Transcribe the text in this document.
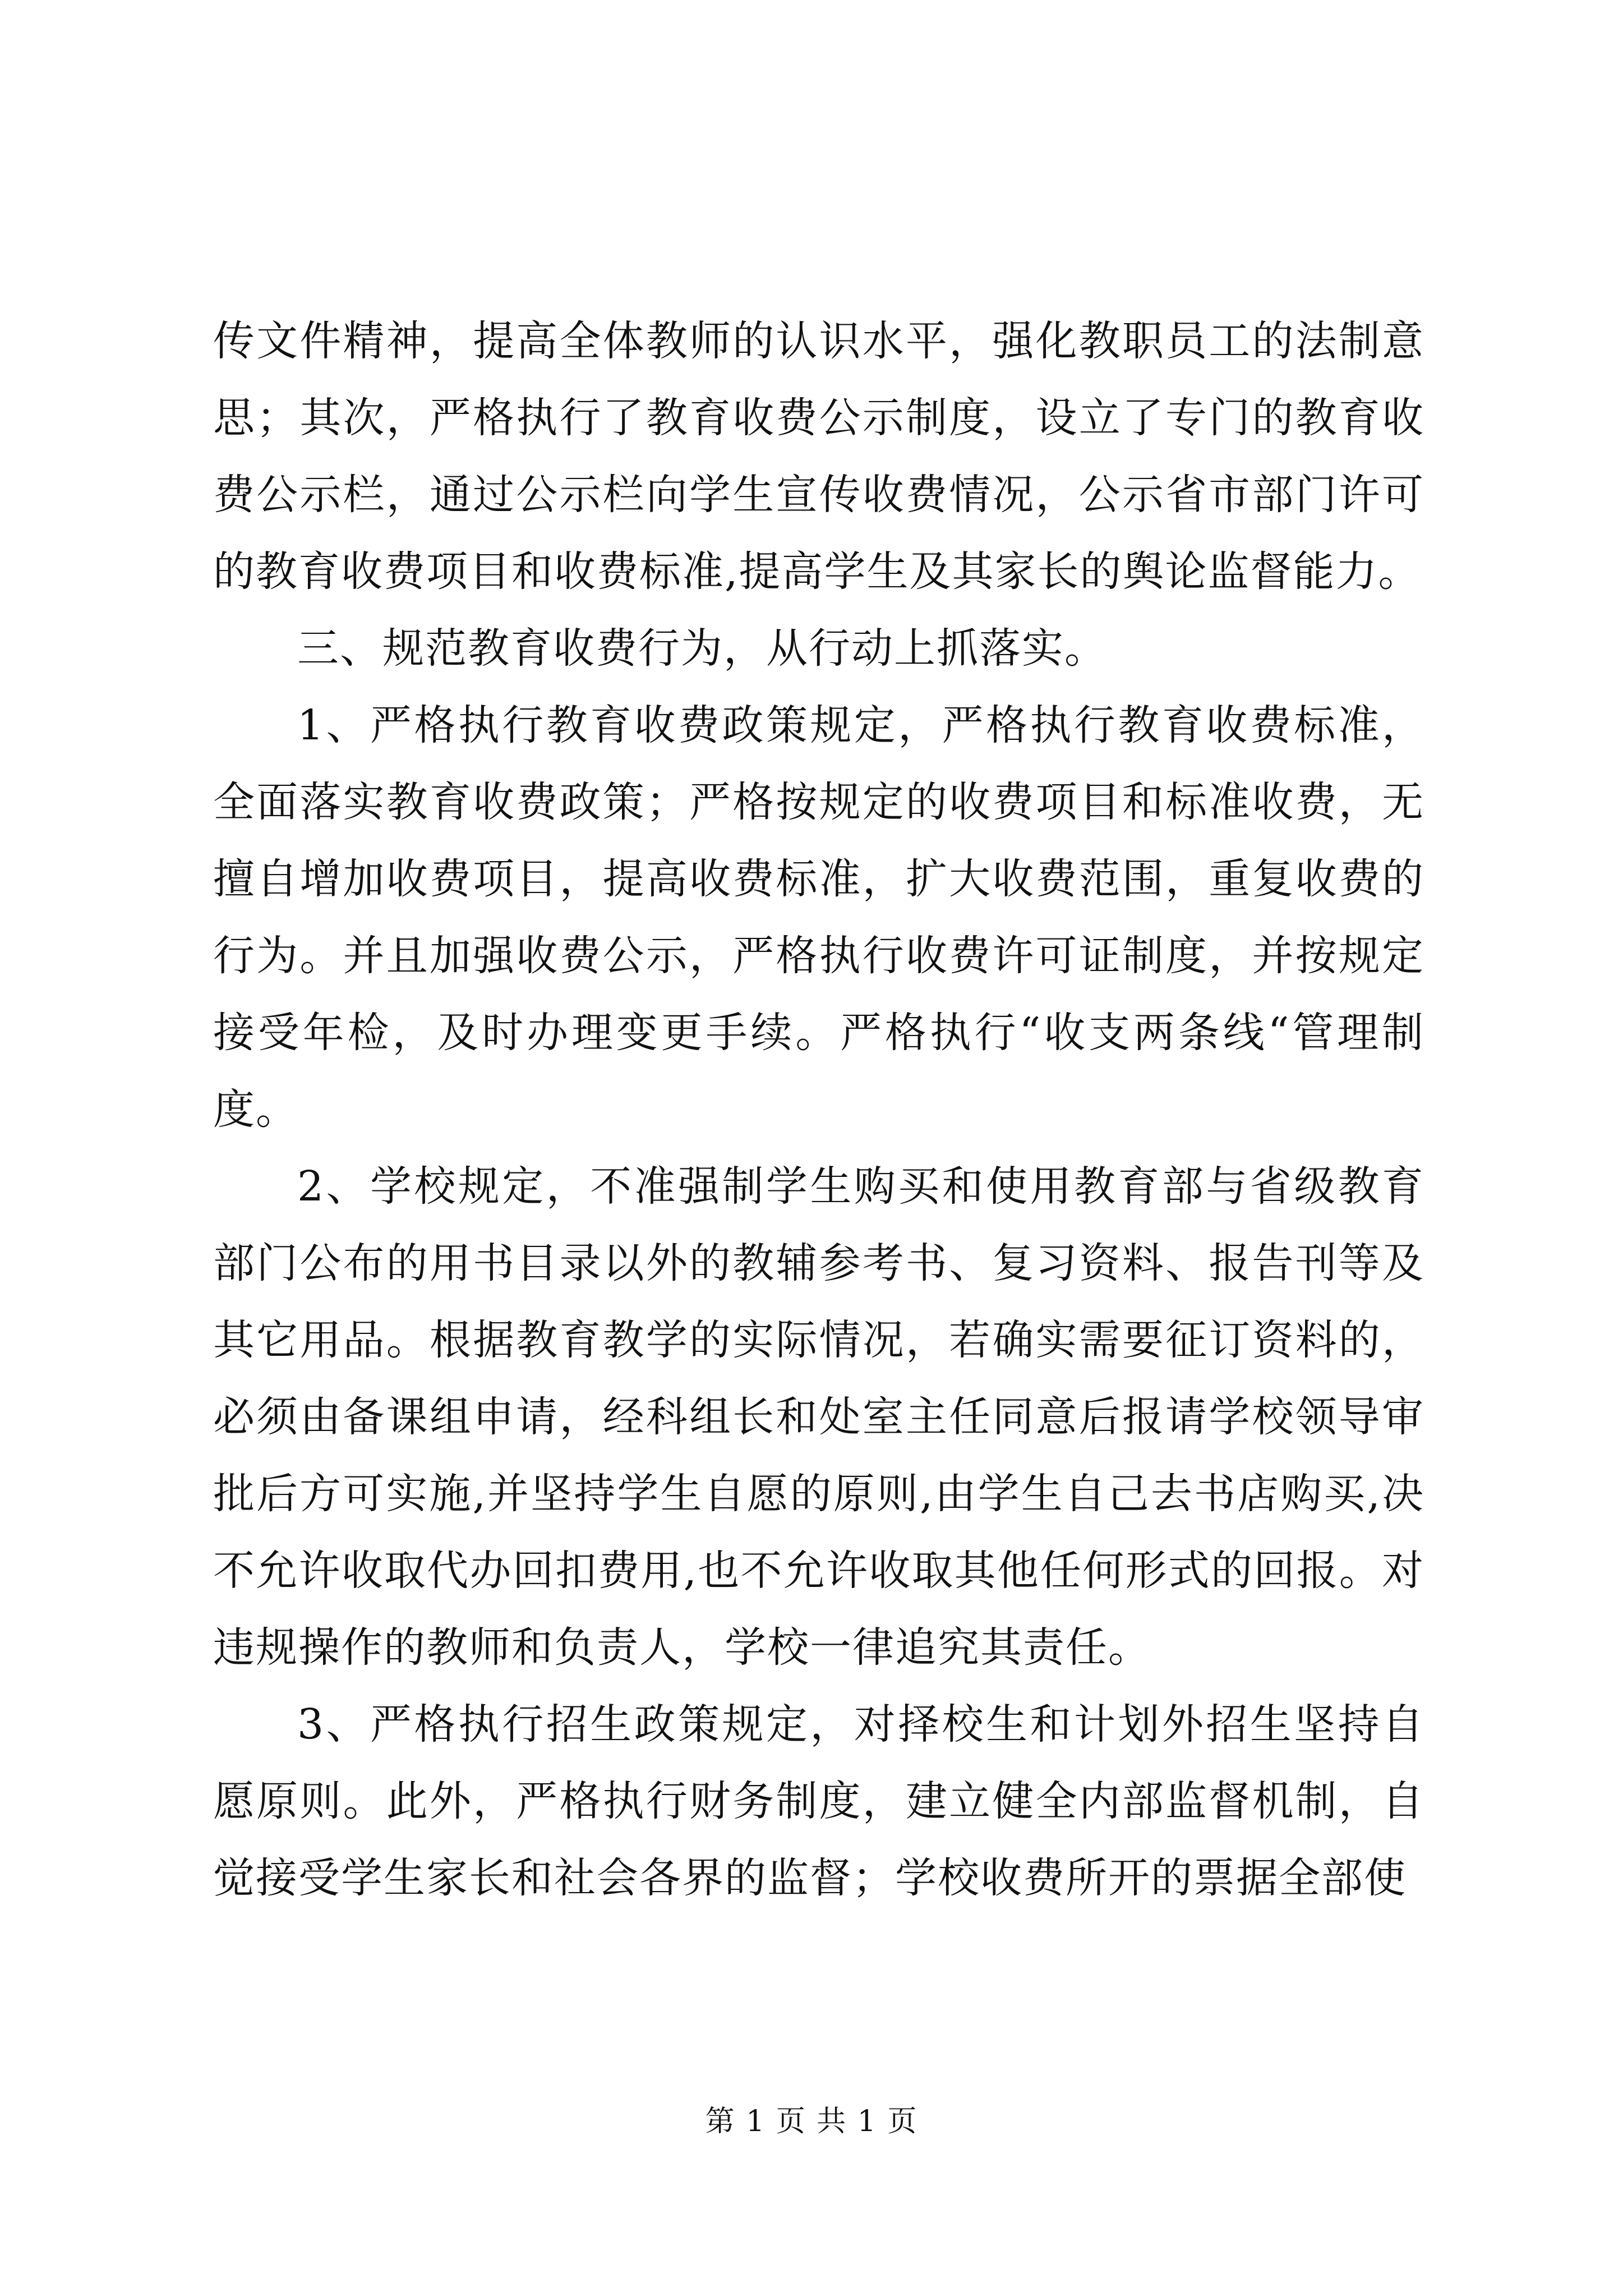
传文件精神，提高全体教师的认识水平，强化教职员工的法制意思；其次，严格执行了教育收费公示制度，设立了专门的教育收费公示栏，通过公示栏向学生宣传收费情况，公示省市部门许可的教育收费项目和收费标准,提高学生及其家长的舆论监督能力。

三、规范教育收费行为，从行动上抓落实。

1、严格执行教育收费政策规定，严格执行教育收费标准，全面落实教育收费政策；严格按规定的收费项目和标准收费，无擅自增加收费项目，提高收费标准，扩大收费范围，重复收费的行为。并且加强收费公示，严格执行收费许可证制度，并按规定接受年检，及时办理变更手续。严格执行“收支两条线“管理制度。

2、学校规定，不准强制学生购买和使用教育部与省级教育部门公布的用书目录以外的教辅参考书、复习资料、报告刊等及其它用品。根据教育教学的实际情况，若确实需要征订资料的，必须由备课组申请，经科组长和处室主任同意后报请学校领导审批后方可实施,并坚持学生自愿的原则,由学生自己去书店购买,决不允许收取代办回扣费用,也不允许收取其他任何形式的回报。对违规操作的教师和负责人，学校一律追究其责任。

3、严格执行招生政策规定，对择校生和计划外招生坚持自愿原则。此外，严格执行财务制度，建立健全内部监督机制，自觉接受学生家长和社会各界的监督；学校收费所开的票据全部使

第 1 页 共 1 页
